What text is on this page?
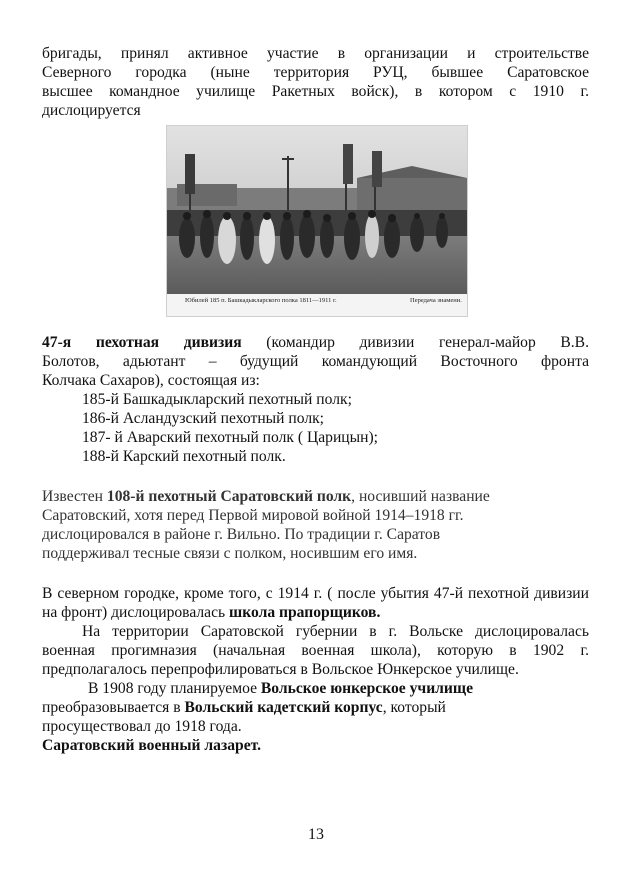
бригады, принял активное участие в организации и строительстве

Северного городка (ныне территория РУЦ, бывшее Саратовское

высшее командное училище Ракетных войск), в котором с 1910 г.

дислоцируется

47-я пехотная дивизия (командир дивизии генерал-майор В.В.

Болотов, адьютант – будущий командующий Восточного фронта

Колчака Сахаров), состоящая из:

185-й Башкадыкларский пехотный полк;

186-й Асландузский пехотный полк;

187- й Аварский пехотный полк ( Царицын);

188-й Карский пехотный полк.

Известен 108-й пехотный Саратовский полк, носивший название

Саратовский, хотя перед Первой мировой войной 1914–1918 гг.

дислоцировался в районе г. Вильно. По традиции г. Саратов

поддерживал тесные связи с полком, носившим его имя.

В северном городке, кроме того, с 1914 г. ( после убытия 47-й пехотной дивизии на фронт) дислоцировалась школа прапорщиков.

На территории Саратовской губернии в г. Вольске дислоцировалась военная прогимназия (начальная военная школа), которую в 1902 г. предполагалось перепрофилироваться в Вольское Юнкерское училище.

В 1908 году планируемое Вольское юнкерское училище

преобразовывается в Вольский кадетский корпус, который

просуществовал до 1918 года.

Саратовский военный лазарет.

Юбилей 185 п. Башкадыкларского полка 1811—1911 г.	Передача знамени.
13
